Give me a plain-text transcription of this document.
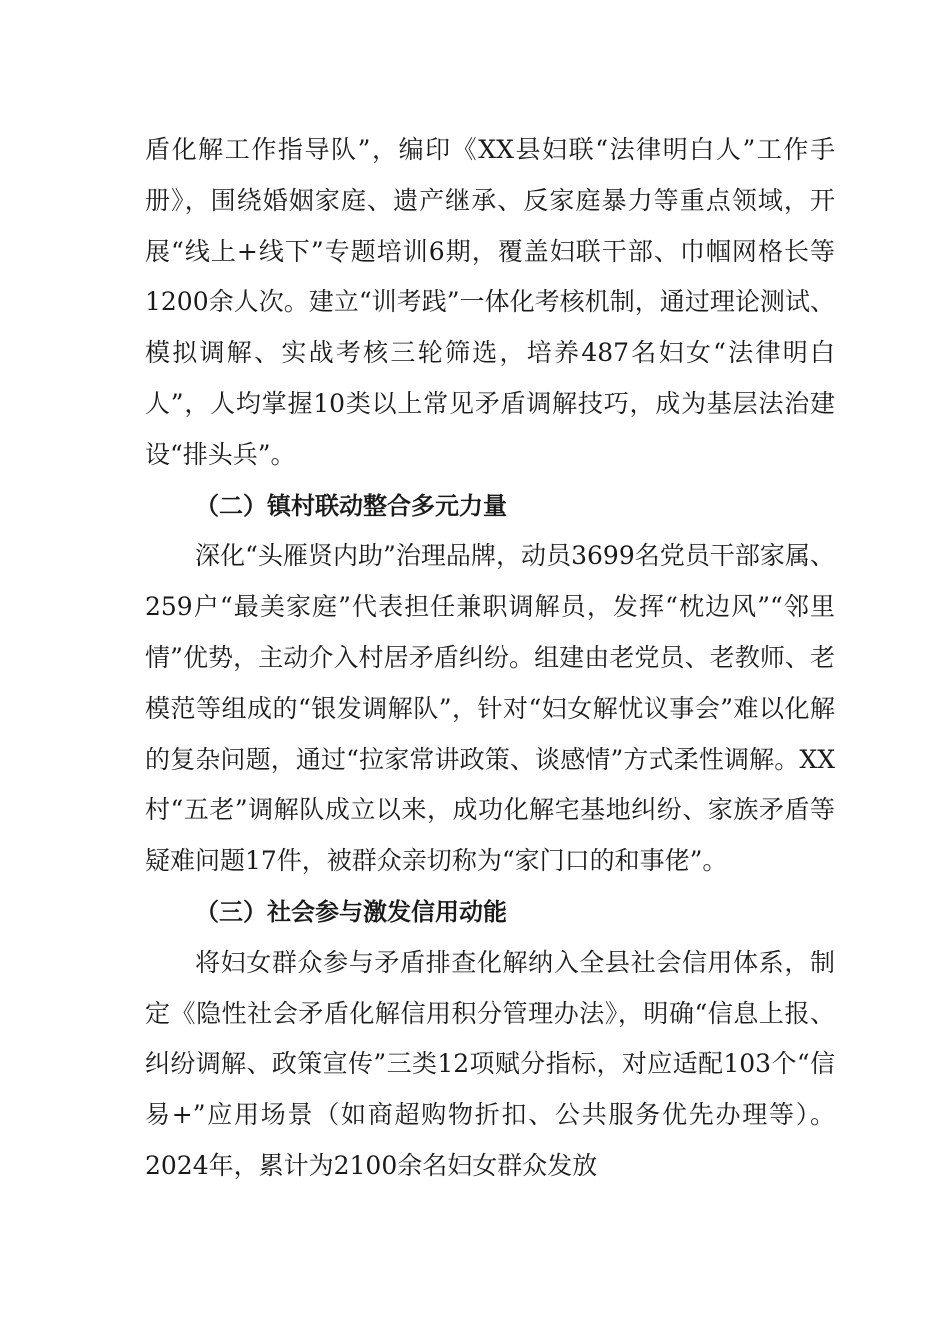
盾化解工作指导队”，编印《XX县妇联“法律明白人”工作手册》，围绕婚姻家庭、遗产继承、反家庭暴力等重点领域，开展“线上+线下”专题培训6期，覆盖妇联干部、巾帼网格长等1200余人次。建立“训考践”一体化考核机制，通过理论测试、模拟调解、实战考核三轮筛选，培养487名妇女“法律明白人”，人均掌握10类以上常见矛盾调解技巧，成为基层法治建设“排头兵”。

（二）镇村联动整合多元力量

深化“头雁贤内助”治理品牌，动员3699名党员干部家属、259户“最美家庭”代表担任兼职调解员，发挥“枕边风”“邻里情”优势，主动介入村居矛盾纠纷。组建由老党员、老教师、老模范等组成的“银发调解队”，针对“妇女解忧议事会”难以化解的复杂问题，通过“拉家常讲政策、谈感情”方式柔性调解。XX村“五老”调解队成立以来，成功化解宅基地纠纷、家族矛盾等疑难问题17件，被群众亲切称为“家门口的和事佬”。

（三）社会参与激发信用动能

将妇女群众参与矛盾排查化解纳入全县社会信用体系，制定《隐性社会矛盾化解信用积分管理办法》，明确“信息上报、纠纷调解、政策宣传”三类12项赋分指标，对应适配103个“信易+”应用场景（如商超购物折扣、公共服务优先办理等）。2024年，累计为2100余名妇女群众发放
